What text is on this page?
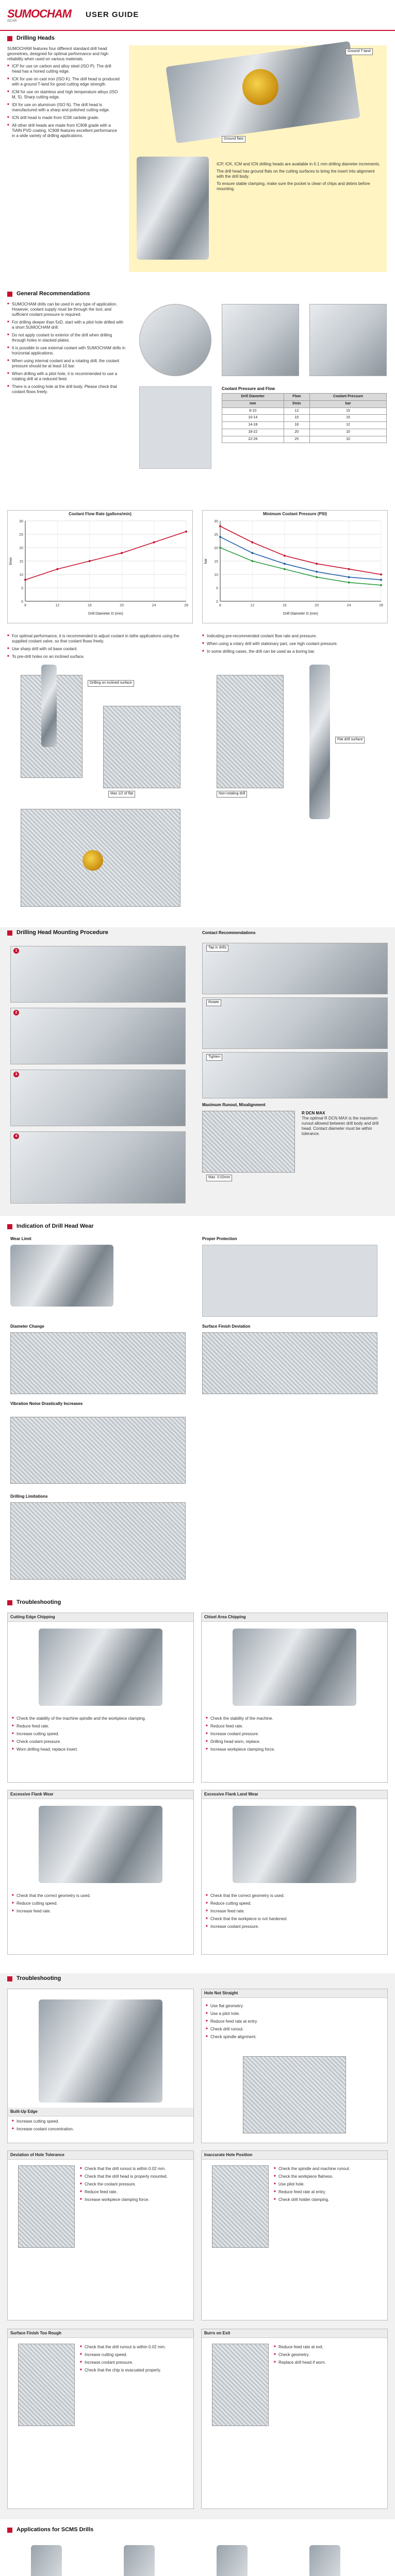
SUMOCHAM
ISCAR
USER GUIDE
Drilling Heads

SUMOCHAM features four different standard drill head geometries, designed for optimal performance and high reliability when used on various materials.

■ ICP for use on carbon and alloy steel (ISO P). The drill head has a honed cutting edge.
■ ICK for use on cast iron (ISO K). The drill head is produced with a ground T-land for good cutting edge strength.
■ ICM for use on stainless and high temperature alloys (ISO M, S). Sharp cutting edge.
■ IDI for use on aluminum (ISO N). The drill head is manufactured with a sharp and polished cutting edge.
■ ICN drill head is made from IC08 carbide grade.
■ All other drill heads are made from IC908 grade with a TiAlN PVD coating. IC908 features excellent performance in a wide variety of drilling applications.
Ground T-land
Ground flats

ICP, ICK, ICM and ICN drilling heads are available in 0.1 mm drilling diameter increments.

The drill head has ground flats on the cutting surfaces to bring the insert into alignment with the drill body.

To ensure stable clamping, make sure the pocket is clean of chips and debris before mounting.

General Recommendations
■ SUMOCHAM drills can be used in any type of application. However, coolant supply must be through the tool, and sufficient coolant pressure is required.
■ For drilling deeper than 5xD, start with a pilot hole drilled with a short SUMOCHAM drill.
■ Do not apply coolant to exterior of the drill when drilling through holes in stacked plates.
■ It is possible to use external coolant with SUMOCHAM drills in horizontal applications.
■ When using internal coolant and a rotating drill, the coolant pressure should be at least 10 bar.
■ When drilling with a pilot hole, it is recommended to use a rotating drill at a reduced feed.
■ There is a cooling hole at the drill body. Please check that coolant flows freely.
Coolant Pressure and Flow
Drill Diameter	Flow	Coolant Pressure
mm	l/min	bar
8-10	12	15
10-14	15	15
14-18	18	12
18-22	20	10
22-26	25	10
Coolant Flow Rate (gallons/min)
0
5
10
15
20
25
30
8	12	16	20	24	28
Drill Diameter D (mm)
l/min
Minimum Coolant Pressure (PSI)
0
5
10
15
20
25
30
8	12	16	20	24	28
Drill Diameter D (mm)
bar
■ For optimal performance, it is recommended to adjust coolant in lathe applications using the supplied coolant valve, so that coolant flows freely.
■ Use sharp drill with oil base coolant.
■ To pre-drill holes on an inclined surface.
■ Indicating pre-recommended coolant flow rate and pressure.
■ When using a rotary drill with stationary part, use high coolant pressure.
■ In some drilling cases, the drill can be used as a boring bar.
Drilling on inclined surface
Max 1/2 of flat	Non-rotating drill
Flat drill surface
Drilling Head Mounting Procedure	Contact Recommendations
1
2
3
4
Tap in drills
Rotate
Tighten
Maximum Runout, Misalignment
Max. 0.02mm
R DCN MAX

The optimal R DCN MAX is the maximum runout allowed between drill body and drill head. Contact diameter must be within tolerance.

Indication of Drill Head Wear
Wear Limit	Proper Protection
Diameter Change	Surface Finish Deviation
Vibration Noise Drastically Increases
Drilling Limitations
Troubleshooting
Cutting Edge Chipping
■ Check the stability of the machine spindle and the workpiece clamping.
■ Reduce feed rate.
■ Increase cutting speed.
■ Check coolant pressure.
■ Worn drilling head; replace insert.
Chisel Area Chipping
■ Check the stability of the machine.
■ Reduce feed rate.
■ Increase coolant pressure.
■ Drilling head worn, replace.
■ Increase workpiece clamping force.
Excessive Flank Wear
■ Check that the correct geometry is used.
■ Reduce cutting speed.
■ Increase feed rate.
Excessive Flank Land Wear
■ Check that the correct geometry is used.
■ Reduce cutting speed.
■ Increase feed rate.
■ Check that the workpiece is not hardened.
■ Increase coolant pressure.
Troubleshooting
Built-Up Edge
■ Increase cutting speed.
■ Increase coolant concentration.
Hole Not Straight
■ Use flat geometry.
■ Use a pilot hole.
■ Reduce feed rate at entry.
■ Check drill runout.
■ Check spindle alignment.
Deviation of Hole Tolerance
■ Check that the drill runout is within 0.02 mm.
■ Check that the drill head is properly mounted.
■ Check the coolant pressure.
■ Reduce feed rate.
■ Increase workpiece clamping force.
Inaccurate Hole Position
■ Check the spindle and machine runout.
■ Check the workpiece flatness.
■ Use pilot hole.
■ Reduce feed rate at entry.
■ Check drill holder clamping.
Surface Finish Too Rough
■ Check that the drill runout is within 0.02 mm.
■ Increase cutting speed.
■ Increase coolant pressure.
■ Check that the chip is evacuated properly.
Burrs on Exit
■ Reduce feed rate at exit.
■ Check geometry.
■ Replace drill head if worn.
Applications for SCMS Drills
